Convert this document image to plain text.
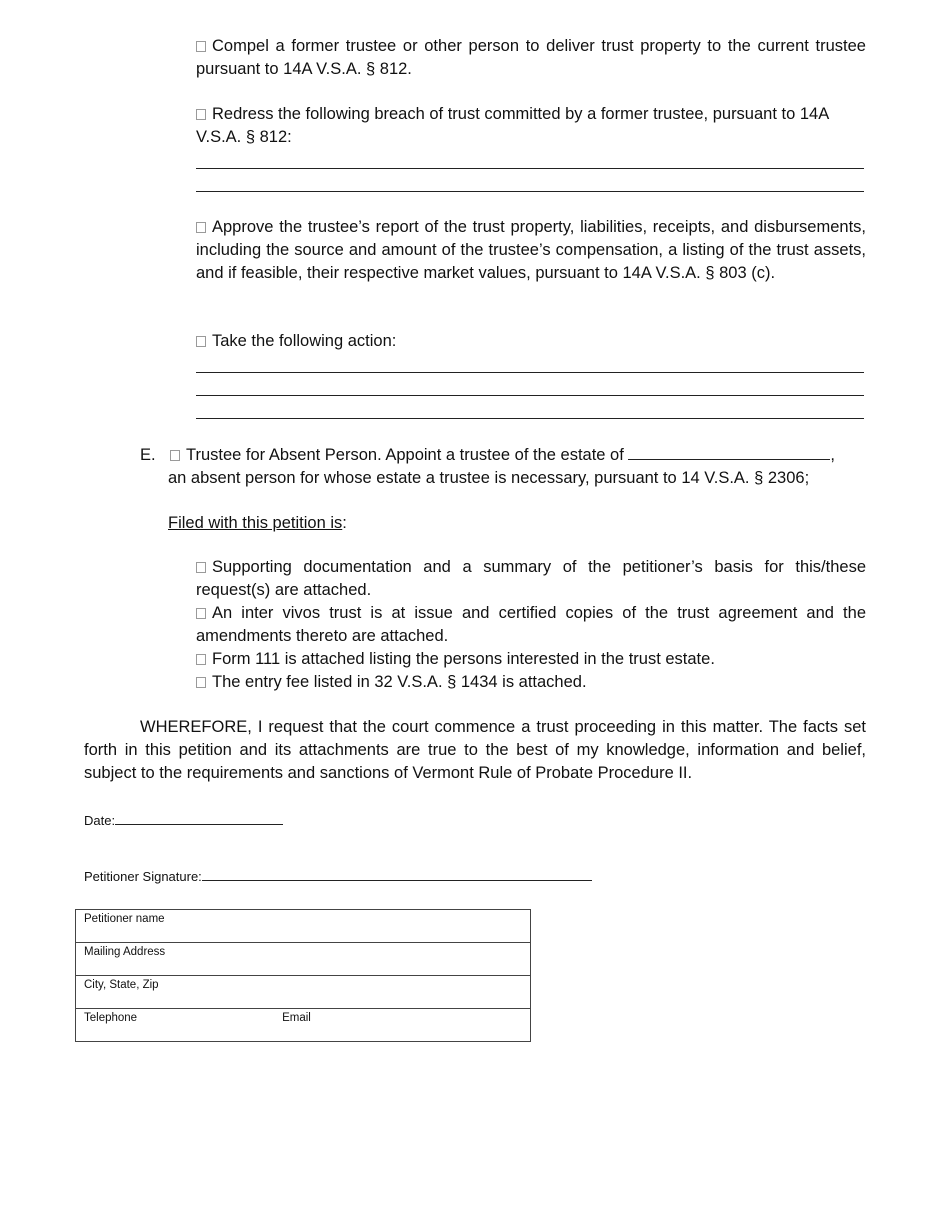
Compel a former trustee or other person to deliver trust property to the current trustee pursuant to 14A V.S.A. § 812.

Redress the following breach of trust committed by a former trustee, pursuant to 14A V.S.A. § 812:

Approve the trustee’s report of the trust property, liabilities, receipts, and disbursements, including the source and amount of the trustee’s compensation, a listing of the trust assets, and if feasible, their respective market values, pursuant to 14A V.S.A. § 803 (c).

Take the following action:

E. Trustee for Absent Person. Appoint a trustee of the estate of	,

an absent person for whose estate a trustee is necessary, pursuant to 14 V.S.A. § 2306;

Filed with this petition is:

Supporting documentation and a summary of the petitioner’s basis for this/these request(s) are attached.

An inter vivos trust is at issue and certified copies of the trust agreement and the amendments thereto are attached.

Form 111 is attached listing the persons interested in the trust estate.

The entry fee listed in 32 V.S.A. § 1434 is attached.

WHEREFORE, I request that the court commence a trust proceeding in this matter. The facts set forth in this petition and its attachments are true to the best of my knowledge, information and belief, subject to the requirements and sanctions of Vermont Rule of Probate Procedure II.

Date:
Petitioner Signature:
Petitioner name
Mailing Address
City, State, Zip
Telephone	Email
